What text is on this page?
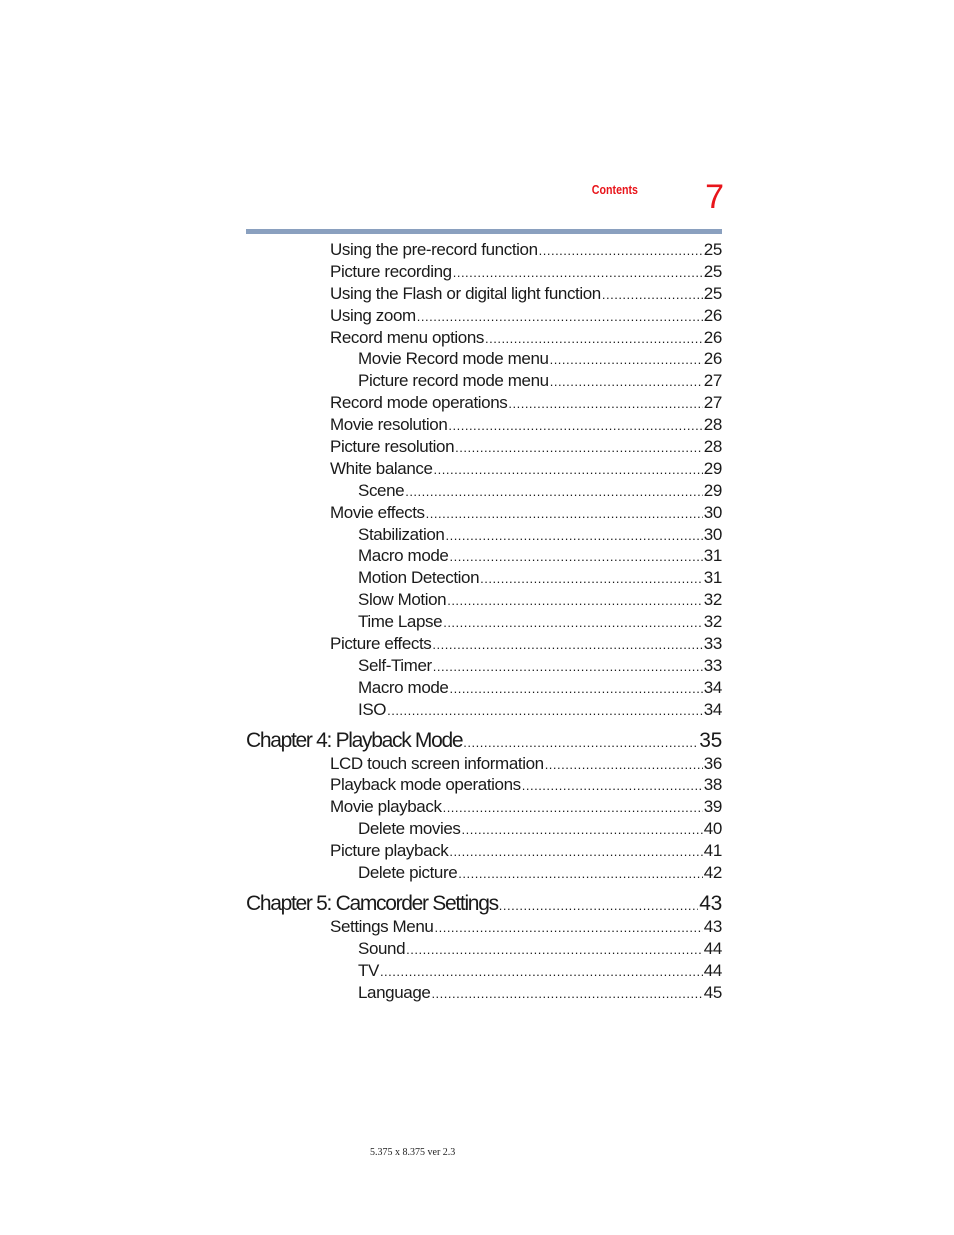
Contents 7
Using the pre-record function .....	25
Picture recording .....	25
Using the Flash or digital light function .....	25
Using zoom .....	26
Record menu options .....	26
Movie Record mode menu .....	26
Picture record mode menu .....	27
Record mode operations .....	27
Movie resolution .....	28
Picture resolution .....	28
White balance .....	29
Scene .....	29
Movie effects .....	30
Stabilization .....	30
Macro mode .....	31
Motion Detection .....	31
Slow Motion .....	32
Time Lapse .....	32
Picture effects .....	33
Self-Timer .....	33
Macro mode .....	34
ISO .....	34
Chapter 4: Playback Mode .....	35
LCD touch screen information .....	36
Playback mode operations .....	38
Movie playback .....	39
Delete movies .....	40
Picture playback .....	41
Delete picture .....	42
Chapter 5: Camcorder Settings .....	43
Settings Menu .....	43
Sound .....	44
TV .....	44
Language .....	45
5.375 x 8.375 ver 2.3
